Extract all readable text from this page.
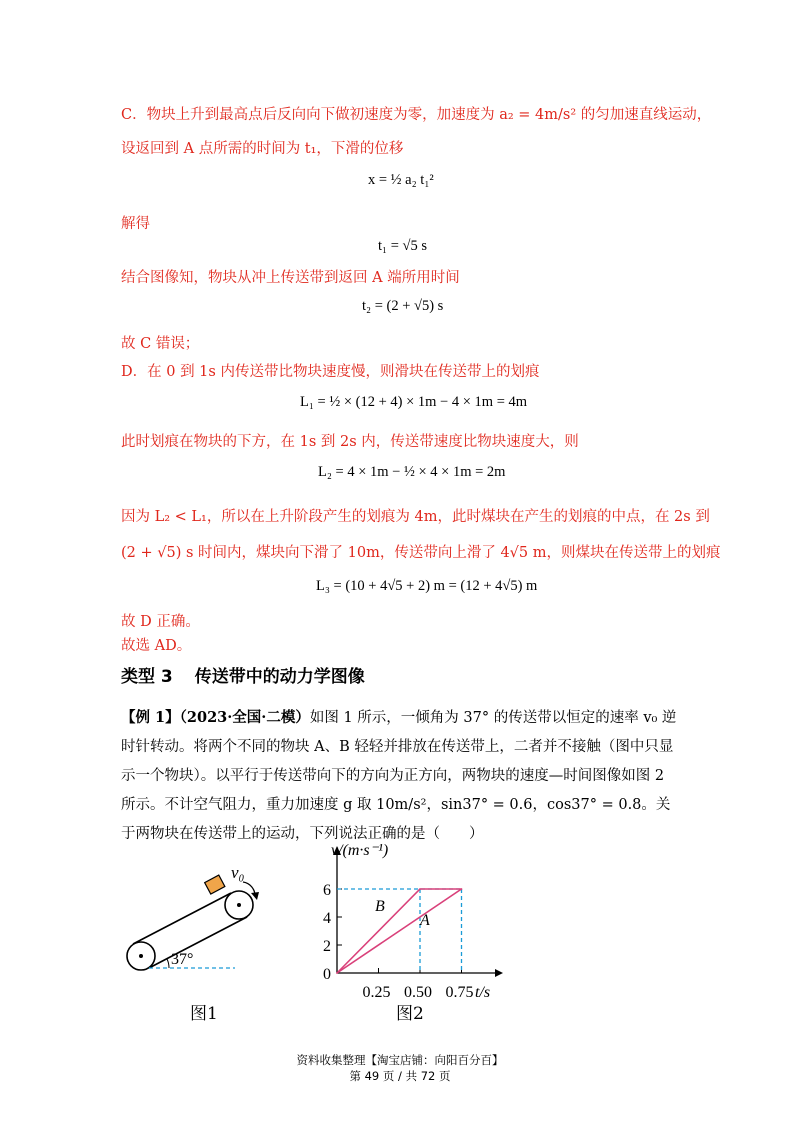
C．物块上升到最高点后反向向下做初速度为零，加速度为 a₂ = 4m/s² 的匀加速直线运动，
设返回到 A 点所需的时间为 t₁，下滑的位移
x = ½ a₂ t₁²
解得
t₁ = √5 s
结合图像知，物块从冲上传送带到返回 A 端所用时间
t₂ = (2 + √5) s
故 C 错误；
D．在 0 到 1s 内传送带比物块速度慢，则滑块在传送带上的划痕
L₁ = ½ × (12 + 4) × 1m − 4 × 1m = 4m
此时划痕在物块的下方，在 1s 到 2s 内，传送带速度比物块速度大，则
L₂ = 4 × 1m − ½ × 4 × 1m = 2m
因为 L₂ < L₁，所以在上升阶段产生的划痕为 4m，此时煤块在产生的划痕的中点，在 2s 到
(2 + √5) s 时间内，煤块向下滑了 10m，传送带向上滑了 4√5 m，则煤块在传送带上的划痕
L₃ = (10 + 4√5 + 2) m = (12 + 4√5) m
故 D 正确。
故选 AD。
类型 3 传送带中的动力学图像
【例 1】（2023·全国·二模）如图 1 所示，一倾角为 37° 的传送带以恒定的速率 v₀ 逆时针转动。将两个不同的物块 A、B 轻轻并排放在传送带上，二者并不接触（图中只显示一个物块）。以平行于传送带向下的方向为正方向，两物块的速度—时间图像如图 2 所示。不计空气阻力，重力加速度 g 取 10m/s²，sin37° = 0.6，cos37° = 0.8。关于两物块在传送带上的运动，下列说法正确的是（　　）
37°
v₀
图1
0
2
4
6
0.25 0.50 0.75
v/(m·s⁻¹)
t/s
B
A
图2
资料收集整理【淘宝店铺：向阳百分百】
第 49 页 / 共 72 页
